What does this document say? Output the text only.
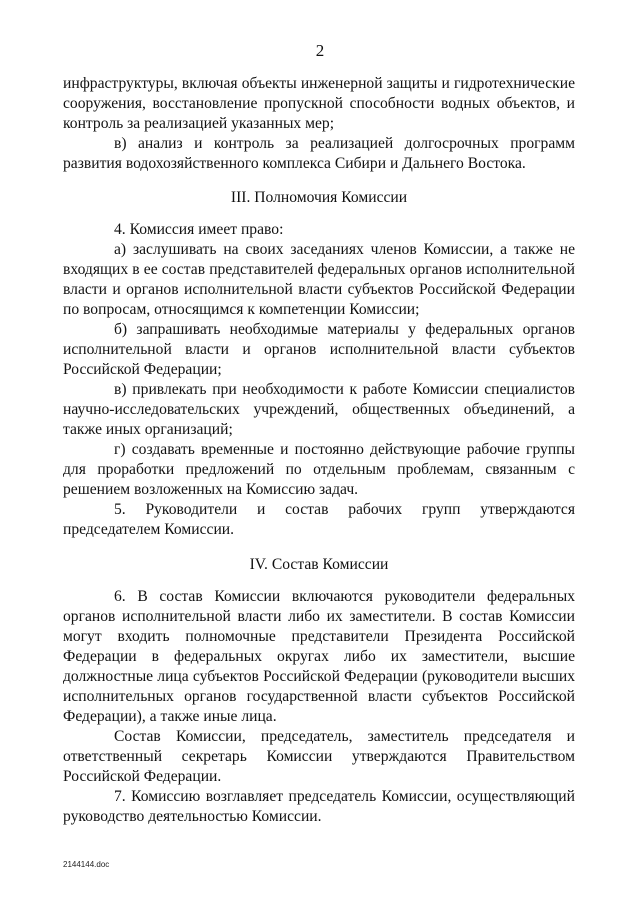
2

инфраструктуры, включая объекты инженерной защиты и гидротехнические сооружения, восстановление пропускной способности водных объектов, и контроль за реализацией указанных мер;

в) анализ и контроль за реализацией долгосрочных программ развития водохозяйственного комплекса Сибири и Дальнего Востока.

III. Полномочия Комиссии

4. Комиссия имеет право:

а) заслушивать на своих заседаниях членов Комиссии, а также не входящих в ее состав представителей федеральных органов исполнительной власти и органов исполнительной власти субъектов Российской Федерации по вопросам, относящимся к компетенции Комиссии;

б) запрашивать необходимые материалы у федеральных органов исполнительной власти и органов исполнительной власти субъектов Российской Федерации;

в) привлекать при необходимости к работе Комиссии специалистов научно-исследовательских учреждений, общественных объединений, а также иных организаций;

г) создавать временные и постоянно действующие рабочие группы для проработки предложений по отдельным проблемам, связанным с решением возложенных на Комиссию задач.

5. Руководители и состав рабочих групп утверждаются председателем Комиссии.

IV. Состав Комиссии

6. В состав Комиссии включаются руководители федеральных органов исполнительной власти либо их заместители. В состав Комиссии могут входить полномочные представители Президента Российской Федерации в федеральных округах либо их заместители, высшие должностные лица субъектов Российской Федерации (руководители высших исполнительных органов государственной власти субъектов Российской Федерации), а также иные лица.

Состав Комиссии, председатель, заместитель председателя и ответственный секретарь Комиссии утверждаются Правительством Российской Федерации.

7. Комиссию возглавляет председатель Комиссии, осуществляющий руководство деятельностью Комиссии.

2144144.doc
